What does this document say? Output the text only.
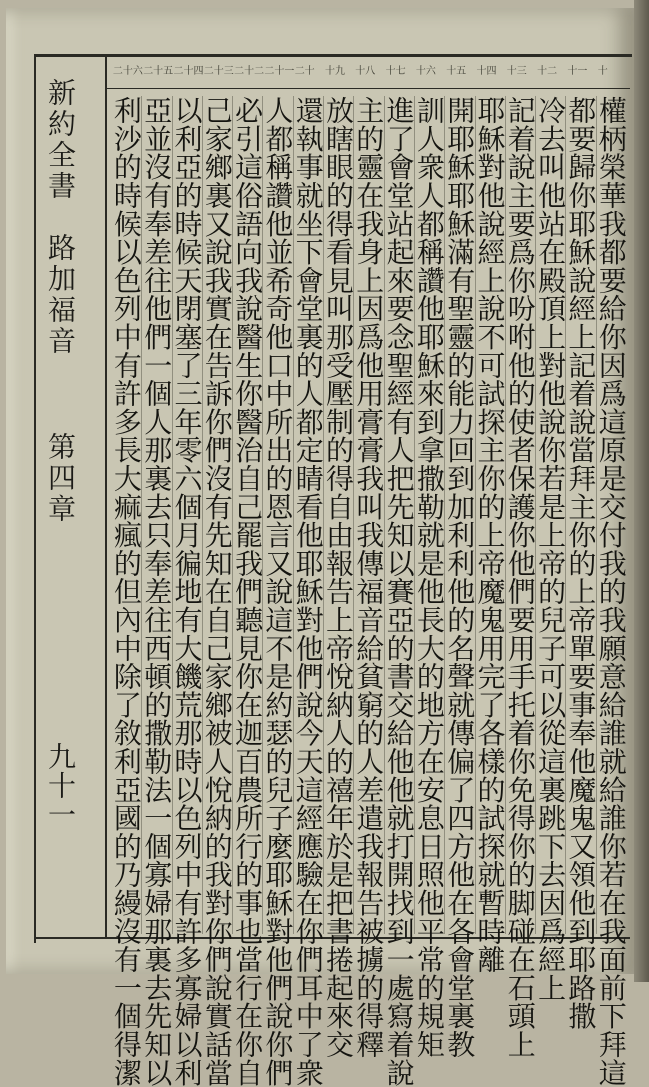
新約全書　路加福音
第四章
九十一
十
十一
十二
十三
十四
十五
十六
十七
十八
十九
二十
二十一
二十二
二十三
二十四
二十五
二十六
權柄榮華我都要給你因爲這原是交付我的我願意給誰就給誰你若在我面前下拜這
都要歸你耶穌說經上記着說當拜主你的上帝單要事奉他魔鬼又領他到耶路撒
冷去叫他站在殿頂上對他說你若是上帝的兒子可以從這裏跳下去因爲經上
記着說主要爲你吩咐他的使者保護你他們要用手托着你免得你的脚碰在石頭上
耶穌對他說經上說不可試探主你的上帝魔鬼用完了各樣的試探就暫時離
開耶穌耶穌滿有聖靈的能力回到加利利他的名聲就傳偏了四方他在各會堂裏教
訓人衆人都稱讚他耶穌來到拿撒勒就是他長大的地方在安息日照他平常的規矩
進了會堂站起來要念聖經有人把先知以賽亞的書交給他他就打開找到一處寫着說
主的靈在我身上因爲他用膏膏我叫我傳福音給貧窮的人差遣我報告被擄的得釋
放瞎眼的得看見叫那受壓制的得自由報告上帝悅納人的禧年於是把書捲起來交
還執事就坐下會堂裏的人都定睛看他耶穌對他們說今天這經應驗在你們耳中了衆
人都稱讚他並希奇他口中所出的恩言又說這不是約瑟的兒子麼耶穌對他們說你們
必引這俗語向我說醫生你醫治自己罷我們聽見你在迦百農所行的事也當行在你自
己家鄉裏又說我實在告訴你們沒有先知在自己家鄉被人悅納的我對你們說實話當
以利亞的時候天閉塞了三年零六個月徧地有大饑荒那時以色列中有許多寡婦以利
亞並沒有奉差往他們一個人那裏去只奉差往西頓的撒勒法一個寡婦那裏去先知以
利沙的時候以色列中有許多長大痲瘋的但內中除了敘利亞國的乃縵沒有一個得潔
